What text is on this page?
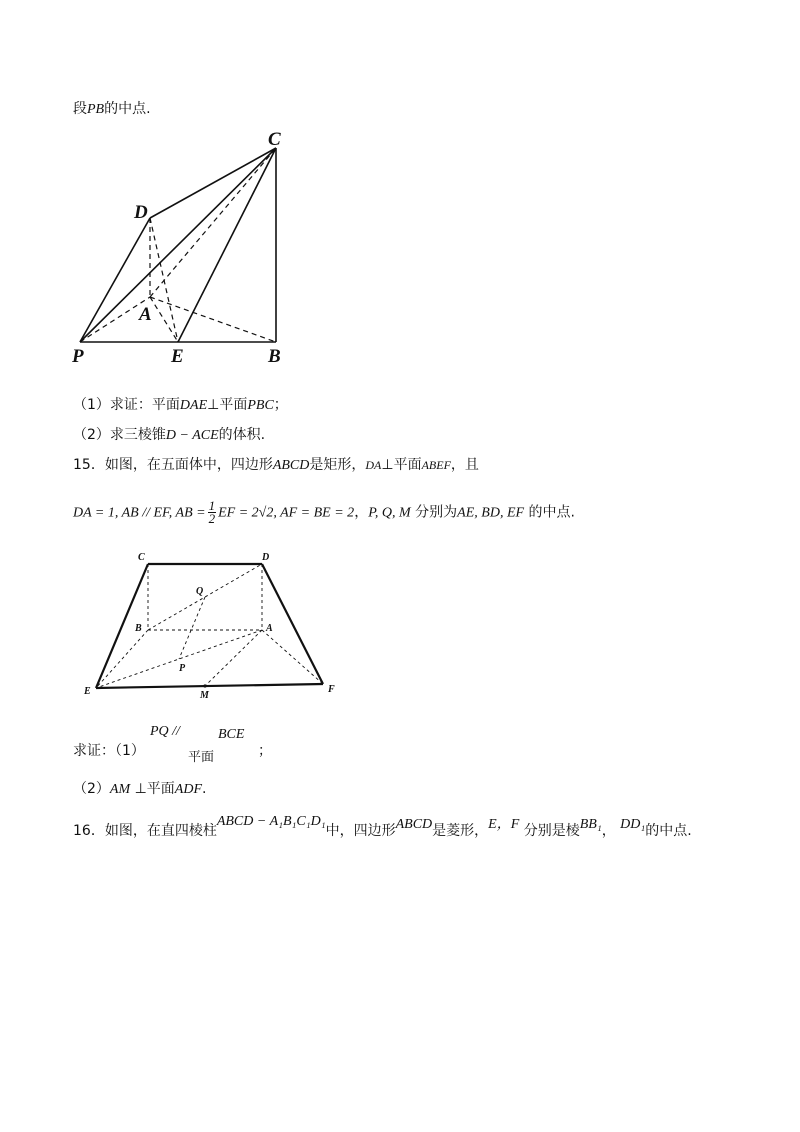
段PB的中点.
C
D
A
P	E	B
（1）求证：平面DAE⊥平面PBC；
（2）求三棱锥D − ACE的体积.
15．如图，在五面体中，四边形ABCD是矩形，DA⊥平面ABEF，且
DA = 1, AB // EF, AB = $\frac{1}{2}$ EF = 2√2, AF = BE = 2，P, Q, M 分别为AE, BD, EF 的中点.
C	D
Q
B	A
P
E	M
F
求证：（1）
PQ //
平面
BCE
；
（2）AM ⊥平面ADF.
16．如图，在直四棱柱ABCD − A₁B₁C₁D₁中，四边形ABCD是菱形，E，F 分别是棱BB₁， DD₁的中点.
